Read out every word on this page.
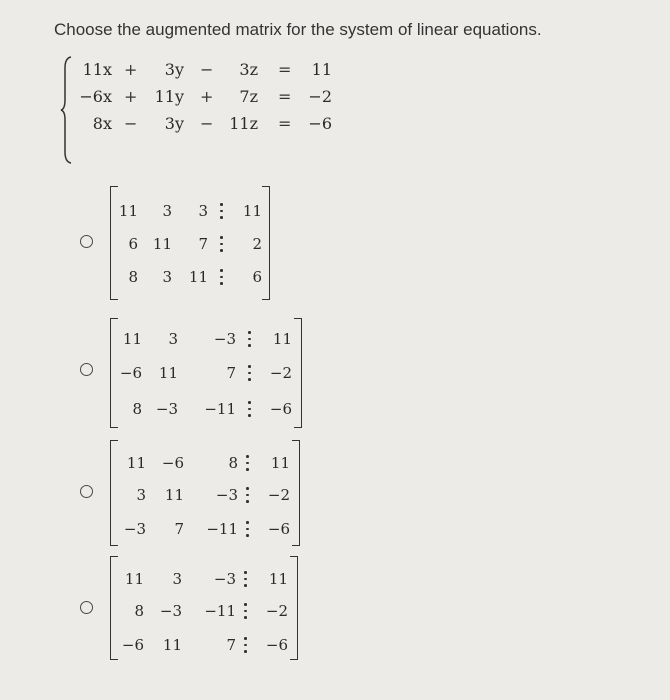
Choose the augmented matrix for the system of linear equations.
11x +	3y −	3z =	11
−6x +	11y +	7z =	−2
8x −	3y − 11z =	−6
11	3	3	11
6 11	7	2
8	3	11	6
11	3	−3	11
−6	11	7	−2
8 −3	−11	−6
11	−6	8	11
3	11	−3	−2
−3	7	−11	−6
11	3	−3	11
8	−3	−11	−2
−6	11	7	−6
